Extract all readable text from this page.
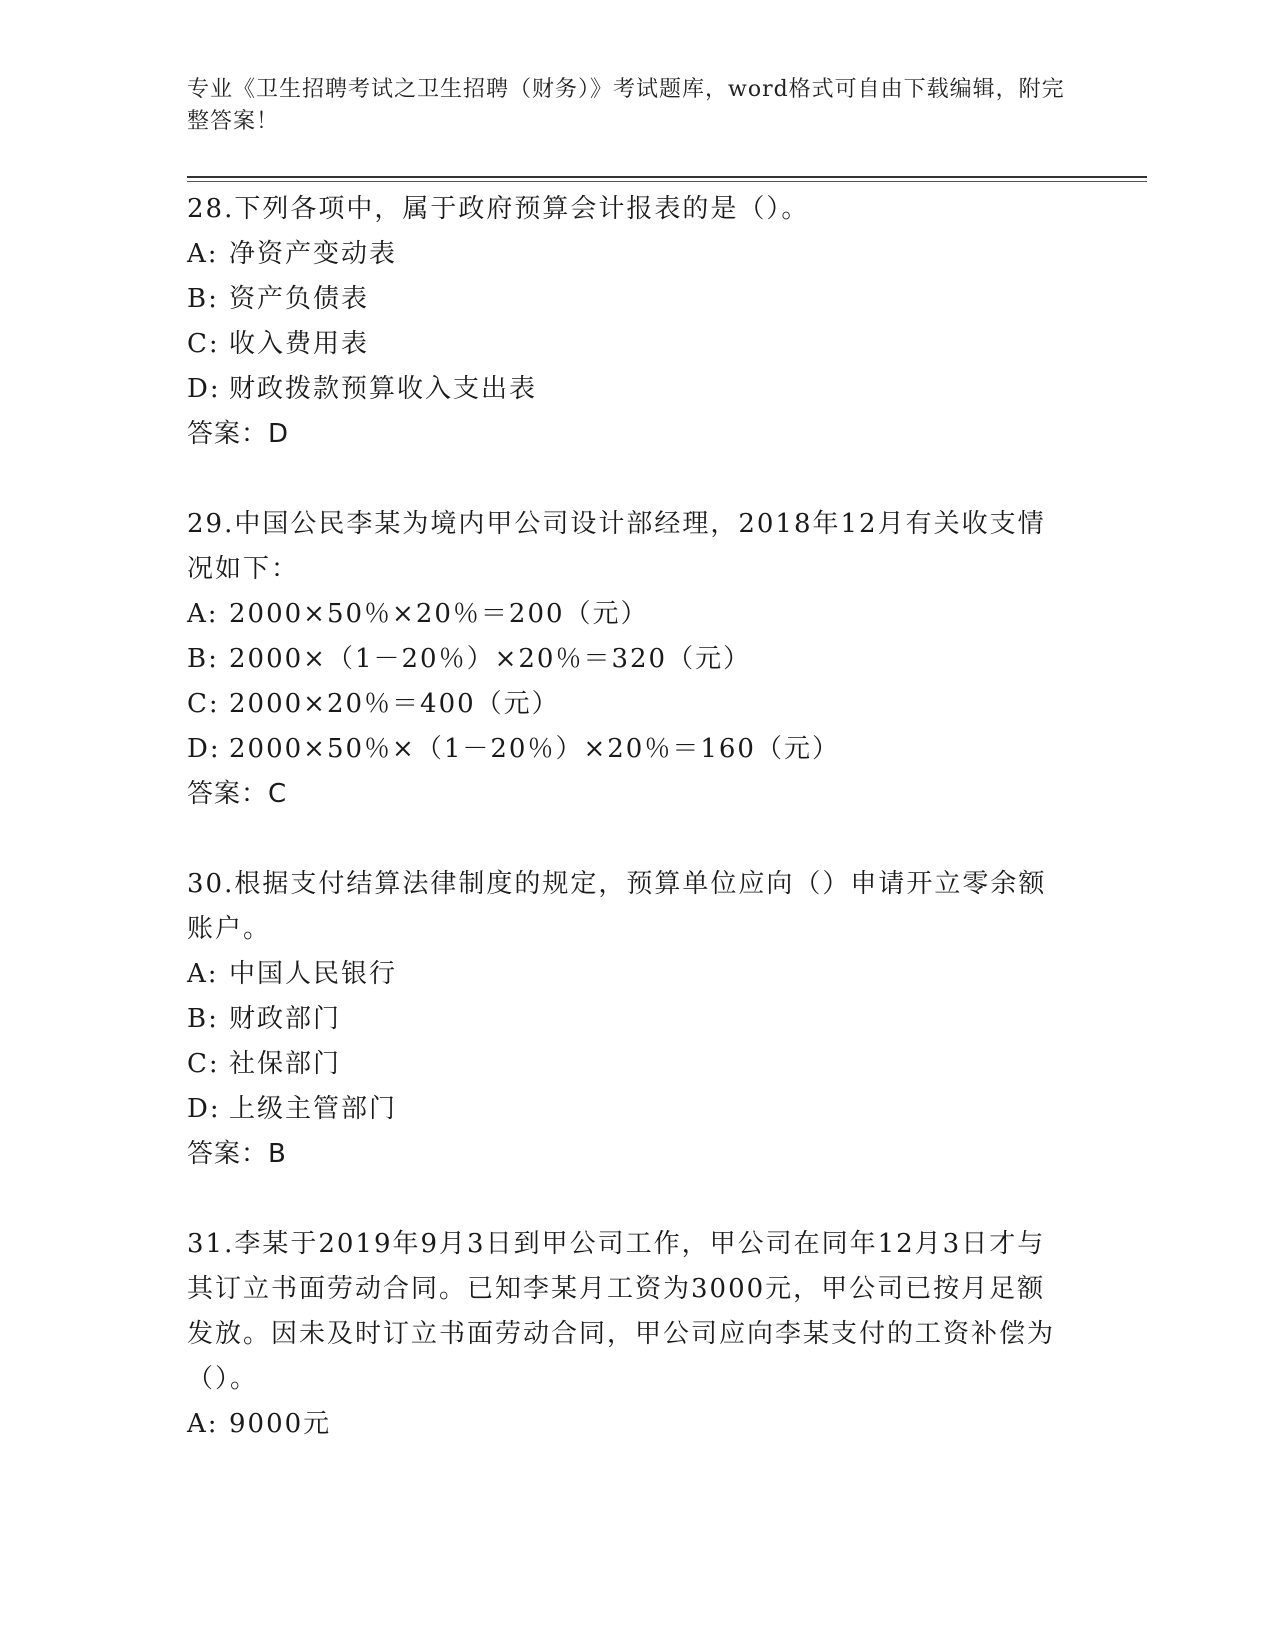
专业《卫生招聘考试之卫生招聘（财务）》考试题库，word格式可自由下载编辑，附完整答案！

28.下列各项中，属于政府预算会计报表的是（）。

A: 净资产变动表

B: 资产负债表

C: 收入费用表

D: 财政拨款预算收入支出表

答案：D

29.中国公民李某为境内甲公司设计部经理，2018年12月有关收支情况如下：

A: 2000×50％×20％＝200（元）

B: 2000×（1－20％）×20％＝320（元）

C: 2000×20％＝400（元）

D: 2000×50％×（1－20％）×20％＝160（元）

答案：C

30.根据支付结算法律制度的规定，预算单位应向（）申请开立零余额账户。

A: 中国人民银行

B: 财政部门

C: 社保部门

D: 上级主管部门

答案：B

31.李某于2019年9月3日到甲公司工作，甲公司在同年12月3日才与其订立书面劳动合同。已知李某月工资为3000元，甲公司已按月足额发放。因未及时订立书面劳动合同，甲公司应向李某支付的工资补偿为（）。

A: 9000元
